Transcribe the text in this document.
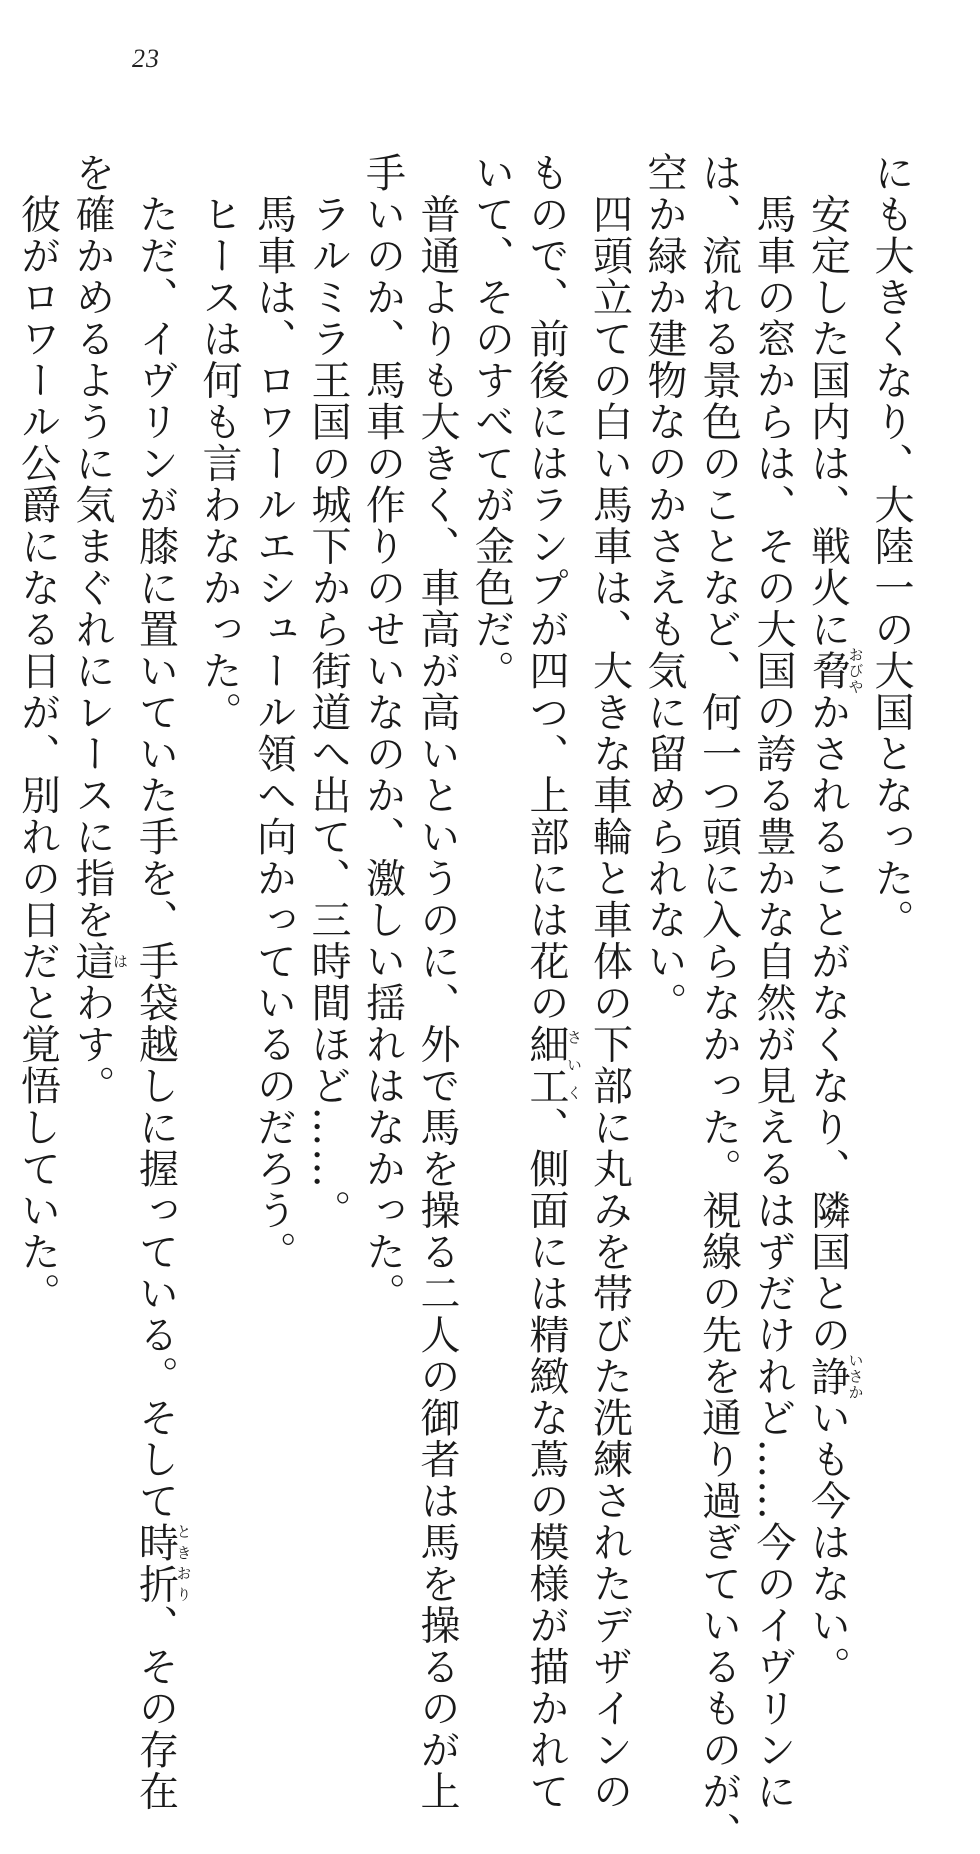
23
にも大きくなり、大陸一の大国となった。
　安定した国内は、戦火に脅おびやかされることがなくなり、隣国との諍いさかいも今はない。
　馬車の窓からは、その大国の誇る豊かな自然が見えるはずだけれど……今のイヴリンに
は、流れる景色のことなど、何一つ頭に入らなかった。視線の先を通り過ぎているものが、
空か緑か建物なのかさえも気に留められない。
　四頭立ての白い馬車は、大きな車輪と車体の下部に丸みを帯びた洗練されたデザインの
もので、前後にはランプが四つ、上部には花の細工さいく、側面には精緻な蔦の模様が描かれて
いて、そのすべてが金色だ。
　普通よりも大きく、車高が高いというのに、外で馬を操る二人の御者は馬を操るのが上
手いのか、馬車の作りのせいなのか、激しい揺れはなかった。
　ラルミラ王国の城下から街道へ出て、三時間ほど……。
　馬車は、ロワールエシュール領へ向かっているのだろう。
　ヒースは何も言わなかった。
　ただ、イヴリンが膝に置いていた手を、手袋越しに握っている。そして時折ときおり、その存在
を確かめるように気まぐれにレースに指を這はわす。
　彼がロワール公爵になる日が、別れの日だと覚悟していた。
